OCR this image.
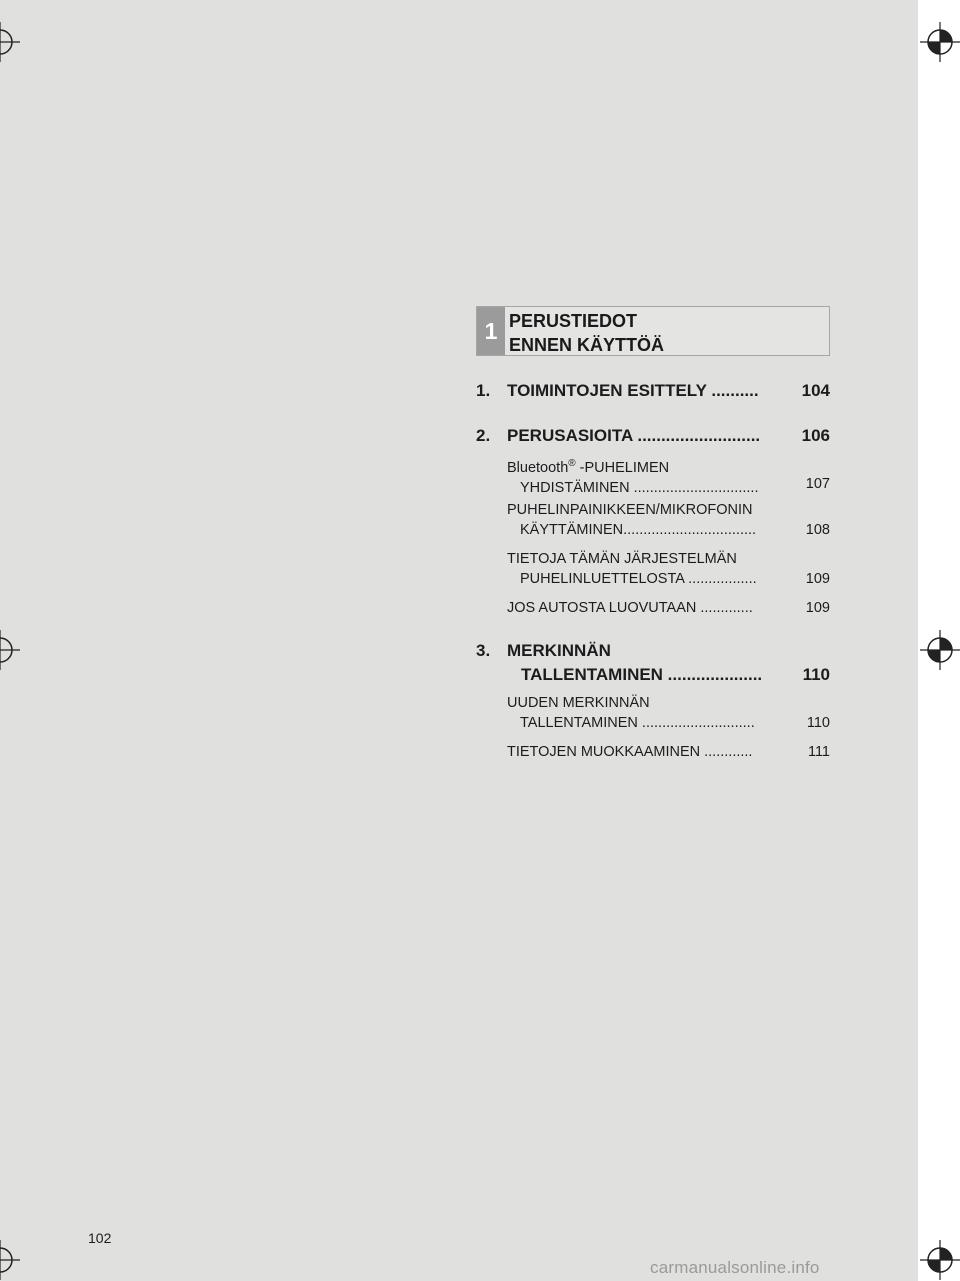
1 PERUSTIEDOT
ENNEN KÄYTTÖÄ
1. TOIMINTOJEN ESITTELY ..........	104
2. PERUSASIOITA .......................... 106
Bluetooth® -PUHELIMEN
YHDISTÄMINEN ...............................	107
PUHELINPAINIKKEEN/MIKROFONIN
KÄYTTÄMINEN.................................	108
TIETOJA TÄMÄN JÄRJESTELMÄN
PUHELINLUETTELOSTA .................	109
JOS AUTOSTA LUOVUTAAN .............	109
3. MERKINNÄN
TALLENTAMINEN .................... 110
UUDEN MERKINNÄN
TALLENTAMINEN ............................	110
TIETOJEN MUOKKAAMINEN ............	111
102
carmanualsonline.info
